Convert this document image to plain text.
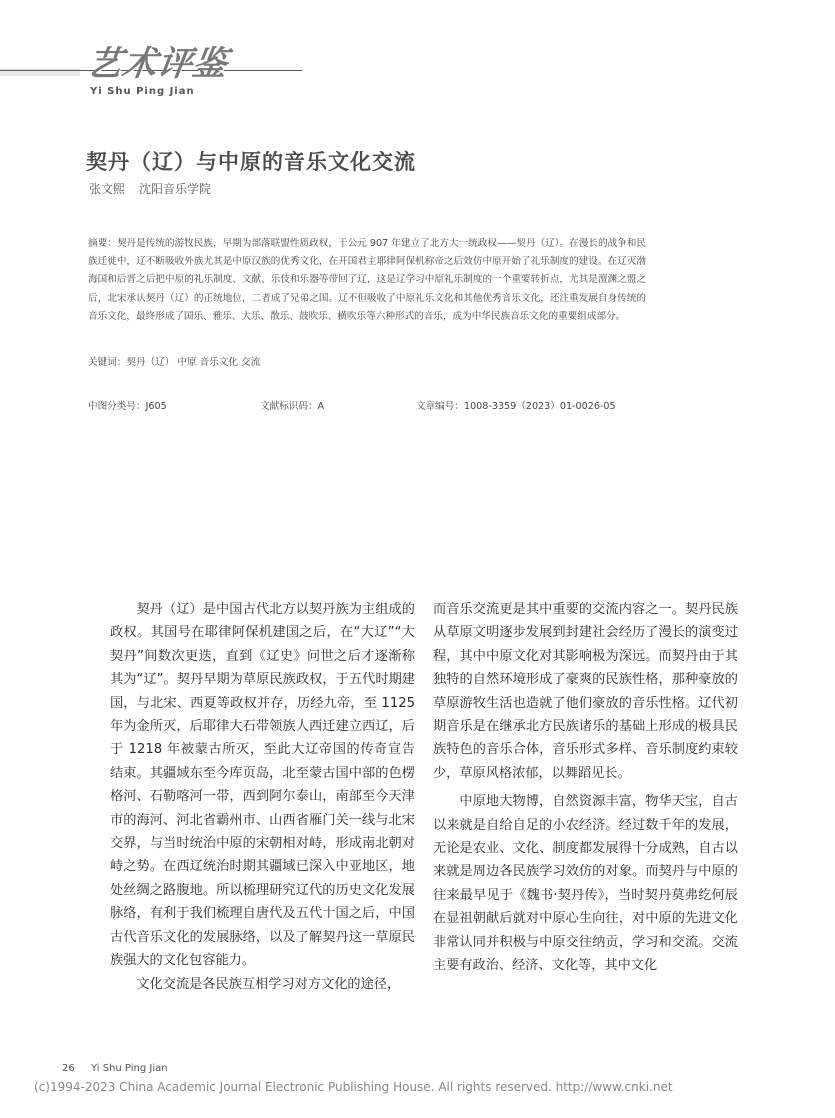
艺术评鉴
Yi Shu Ping Jian
契丹（辽）与中原的音乐文化交流
张文熙 沈阳音乐学院
摘要：契丹是传统的游牧民族，早期为部落联盟性质政权，于公元 907 年建立了北方大一统政权——契丹（辽）。在漫长的战争和民族迁徙中，辽不断吸收外族尤其是中原汉族的优秀文化，在开国君主耶律阿保机称帝之后效仿中原开始了礼乐制度的建设。在辽灭渤海国和后晋之后把中原的礼乐制度、文献、乐伎和乐器等带回了辽，这是辽学习中原礼乐制度的一个重要转折点，尤其是澶渊之盟之后，北宋承认契丹（辽）的正统地位，二者成了兄弟之国。辽不但吸收了中原礼乐文化和其他优秀音乐文化，还注重发展自身传统的音乐文化，最终形成了国乐、雅乐、大乐、散乐、鼓吹乐、横吹乐等六种形式的音乐，成为中华民族音乐文化的重要组成部分。
关键词：契丹（辽） 中原 音乐文化 交流
中图分类号：J605	文献标识码：A	文章编号：1008-3359（2023）01-0026-05

契丹（辽）是中国古代北方以契丹族为主组成的政权。其国号在耶律阿保机建国之后，在“大辽”“大契丹”间数次更迭，直到《辽史》问世之后才逐渐称其为“辽”。契丹早期为草原民族政权，于五代时期建国，与北宋、西夏等政权并存，历经九帝，至 1125 年为金所灭，后耶律大石带领族人西迁建立西辽，后于 1218 年被蒙古所灭，至此大辽帝国的传奇宣告结束。其疆域东至今库页岛，北至蒙古国中部的色楞格河、石勒喀河一带，西到阿尔泰山，南部至今天津市的海河、河北省霸州市、山西省雁门关一线与北宋交界，与当时统治中原的宋朝相对峙，形成南北朝对峙之势。在西辽统治时期其疆域已深入中亚地区，地处丝绸之路腹地。所以梳理研究辽代的历史文化发展脉络，有利于我们梳理自唐代及五代十国之后，中国古代音乐文化的发展脉络，以及了解契丹这一草原民族强大的文化包容能力。

文化交流是各民族互相学习对方文化的途径，

而音乐交流更是其中重要的交流内容之一。契丹民族从草原文明逐步发展到封建社会经历了漫长的演变过程，其中中原文化对其影响极为深远。而契丹由于其独特的自然环境形成了豪爽的民族性格，那种豪放的草原游牧生活也造就了他们豪放的音乐性格。辽代初期音乐是在继承北方民族诸乐的基础上形成的极具民族特色的音乐合体，音乐形式多样、音乐制度约束较少，草原风格浓郁，以舞蹈见长。

中原地大物博，自然资源丰富，物华天宝，自古以来就是自给自足的小农经济。经过数千年的发展，无论是农业、文化、制度都发展得十分成熟，自古以来就是周边各民族学习效仿的对象。而契丹与中原的往来最早见于《魏书·契丹传》，当时契丹莫弗纥何辰在显祖朝献后就对中原心生向往，对中原的先进文化非常认同并积极与中原交往纳贡，学习和交流。交流主要有政治、经济、文化等，其中文化

26 Yi Shu Ping Jian
(c)1994-2023 China Academic Journal Electronic Publishing House. All rights reserved. http://www.cnki.net
